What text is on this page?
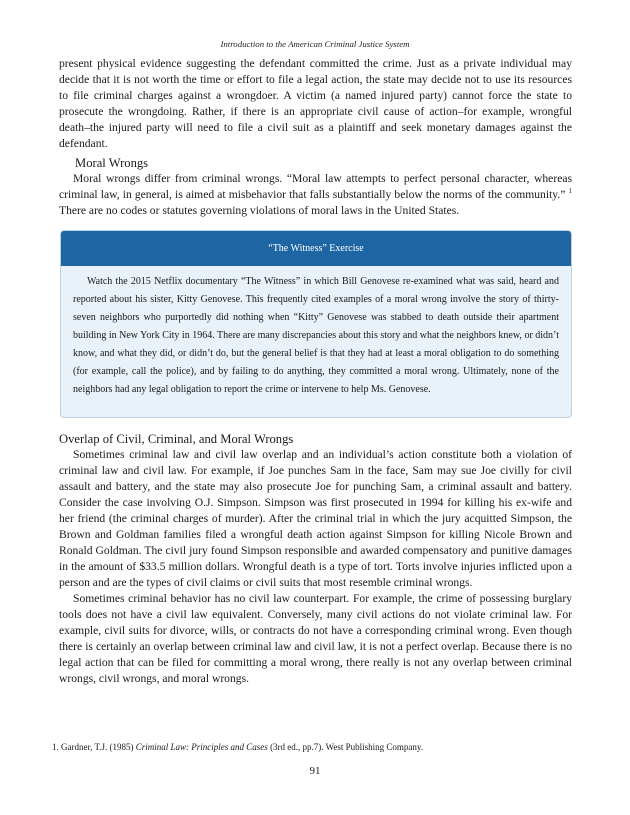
Introduction to the American Criminal Justice System

present physical evidence suggesting the defendant committed the crime. Just as a private individual may decide that it is not worth the time or effort to file a legal action, the state may decide not to use its resources to file criminal charges against a wrongdoer. A victim (a named injured party) cannot force the state to prosecute the wrongdoing. Rather, if there is an appropriate civil cause of action–for example, wrongful death–the injured party will need to file a civil suit as a plaintiff and seek monetary damages against the defendant.

Moral Wrongs

Moral wrongs differ from criminal wrongs. “Moral law attempts to perfect personal character, whereas criminal law, in general, is aimed at misbehavior that falls substantially below the norms of the community.” $^1$ There are no codes or statutes governing violations of moral laws in the United States.

“The Witness” Exercise

Watch the 2015 Netflix documentary “The Witness” in which Bill Genovese re-examined what was said, heard and reported about his sister, Kitty Genovese. This frequently cited examples of a moral wrong involve the story of thirty-seven neighbors who purportedly did nothing when “Kitty” Genovese was stabbed to death outside their apartment building in New York City in 1964. There are many discrepancies about this story and what the neighbors knew, or didn’t know, and what they did, or didn’t do, but the general belief is that they had at least a moral obligation to do something (for example, call the police), and by failing to do anything, they committed a moral wrong. Ultimately, none of the neighbors had any legal obligation to report the crime or intervene to help Ms. Genovese.

Overlap of Civil, Criminal, and Moral Wrongs

Sometimes criminal law and civil law overlap and an individual’s action constitute both a violation of criminal law and civil law. For example, if Joe punches Sam in the face, Sam may sue Joe civilly for civil assault and battery, and the state may also prosecute Joe for punching Sam, a criminal assault and battery. Consider the case involving O.J. Simpson. Simpson was first prosecuted in 1994 for killing his ex-wife and her friend (the criminal charges of murder). After the criminal trial in which the jury acquitted Simpson, the Brown and Goldman families filed a wrongful death action against Simpson for killing Nicole Brown and Ronald Goldman. The civil jury found Simpson responsible and awarded compensatory and punitive damages in the amount of $33.5 million dollars. Wrongful death is a type of tort. Torts involve injuries inflicted upon a person and are the types of civil claims or civil suits that most resemble criminal wrongs.

Sometimes criminal behavior has no civil law counterpart. For example, the crime of possessing burglary tools does not have a civil law equivalent. Conversely, many civil actions do not violate criminal law. For example, civil suits for divorce, wills, or contracts do not have a corresponding criminal wrong. Even though there is certainly an overlap between criminal law and civil law, it is not a perfect overlap. Because there is no legal action that can be filed for committing a moral wrong, there really is not any overlap between criminal wrongs, civil wrongs, and moral wrongs.

1. Gardner, T.J. (1985) Criminal Law: Principles and Cases (3rd ed., pp.7). West Publishing Company.

91
